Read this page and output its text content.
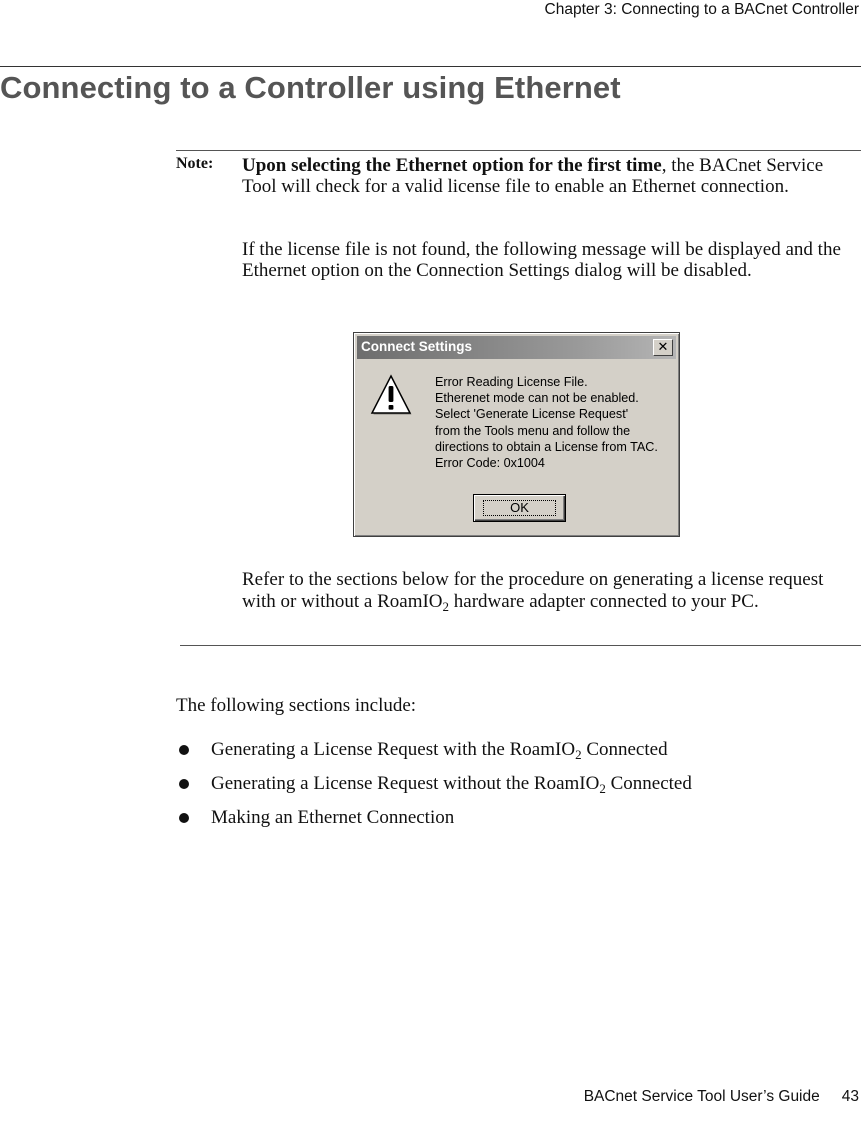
Chapter 3: Connecting to a BACnet Controller
Connecting to a Controller using Ethernet
Note: Upon selecting the Ethernet option for the first time, the BACnet Service Tool will check for a valid license file to enable an Ethernet connection.

If the license file is not found, the following message will be displayed and the Ethernet option on the Connection Settings dialog will be disabled.

Connect Settings	✕
Error Reading License File.
Etherenet mode can not be enabled.
Select 'Generate License Request'
from the Tools menu and follow the
directions to obtain a License from TAC.
Error Code: 0x1004
OK

Refer to the sections below for the procedure on generating a license request with or without a RoamIO$_2$ hardware adapter connected to your PC.

The following sections include:

Generating a License Request with the RoamIO$_2$ Connected
Generating a License Request without the RoamIO$_2$ Connected
Making an Ethernet Connection
BACnet Service Tool User’s Guide 43
